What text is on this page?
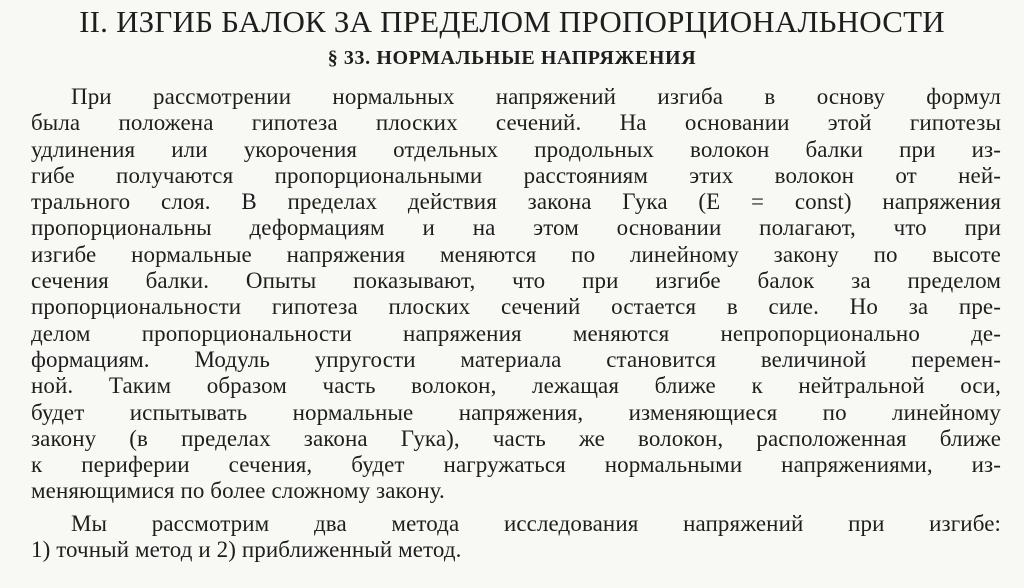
II. ИЗГИБ БАЛОК ЗА ПРЕДЕЛОМ ПРОПОРЦИОНАЛЬНОСТИ
§ 33. НОРМАЛЬНЫЕ НАПРЯЖЕНИЯ
При рассмотрении нормальных напряжений изгиба в основу формул
была положена гипотеза плоских сечений. На основании этой гипотезы
удлинения или укорочения отдельных продольных волокон балки при из-
гибе получаются пропорциональными расстояниям этих волокон от ней-
трального слоя. В пределах действия закона Гука (E = const) напряжения
пропорциональны деформациям и на этом основании полагают, что при
изгибе нормальные напряжения меняются по линейному закону по высоте
сечения балки. Опыты показывают, что при изгибе балок за пределом
пропорциональности гипотеза плоских сечений остается в силе. Но за пре-
делом пропорциональности напряжения меняются непропорционально де-
формациям. Модуль упругости материала становится величиной перемен-
ной. Таким образом часть волокон, лежащая ближе к нейтральной оси,
будет испытывать нормальные напряжения, изменяющиеся по линейному
закону (в пределах закона Гука), часть же волокон, расположенная ближе
к периферии сечения, будет нагружаться нормальными напряжениями, из-
меняющимися по более сложному закону.
Мы рассмотрим два метода исследования напряжений при изгибе:
1) точный метод и 2) приближенный метод.
